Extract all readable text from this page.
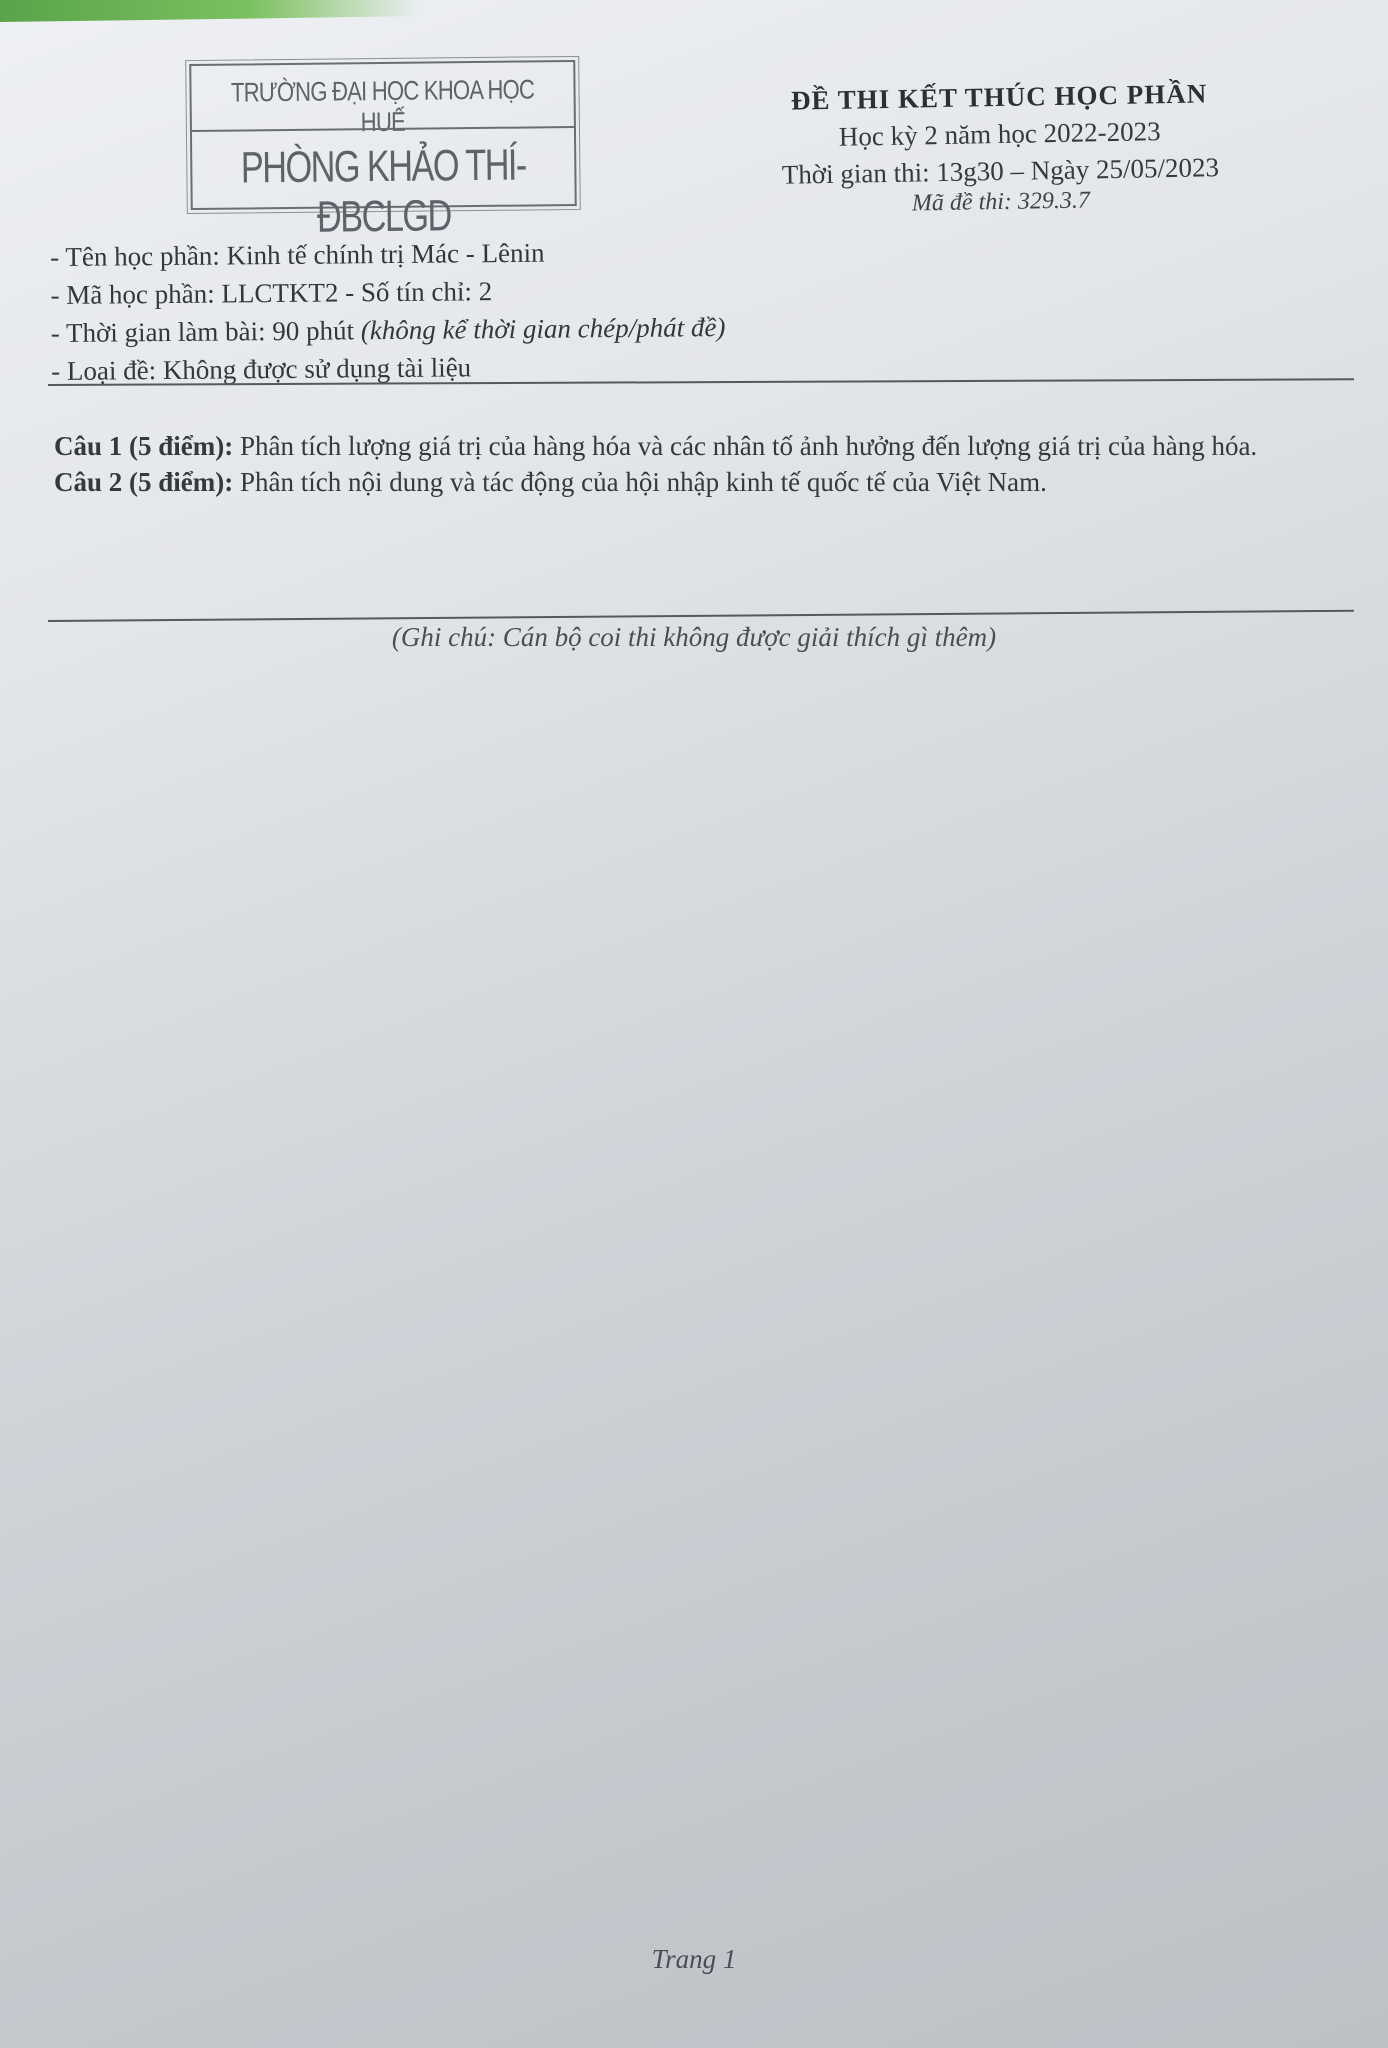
TRƯỜNG ĐẠI HỌC KHOA HỌC HUẾ
PHÒNG KHẢO THÍ-ĐBCLGD
ĐỀ THI KẾT THÚC HỌC PHẦN
Học kỳ 2 năm học 2022-2023
Thời gian thi: 13g30 – Ngày 25/05/2023
Mã đề thi: 329.3.7
- Tên học phần: Kinh tế chính trị Mác - Lênin
- Mã học phần: LLCTKT2 - Số tín chỉ: 2
- Thời gian làm bài: 90 phút (không kể thời gian chép/phát đề)
- Loại đề: Không được sử dụng tài liệu
Câu 1 (5 điểm): Phân tích lượng giá trị của hàng hóa và các nhân tố ảnh hưởng đến lượng giá trị của hàng hóa.
Câu 2 (5 điểm): Phân tích nội dung và tác động của hội nhập kinh tế quốc tế của Việt Nam.
(Ghi chú: Cán bộ coi thi không được giải thích gì thêm)
Trang 1
